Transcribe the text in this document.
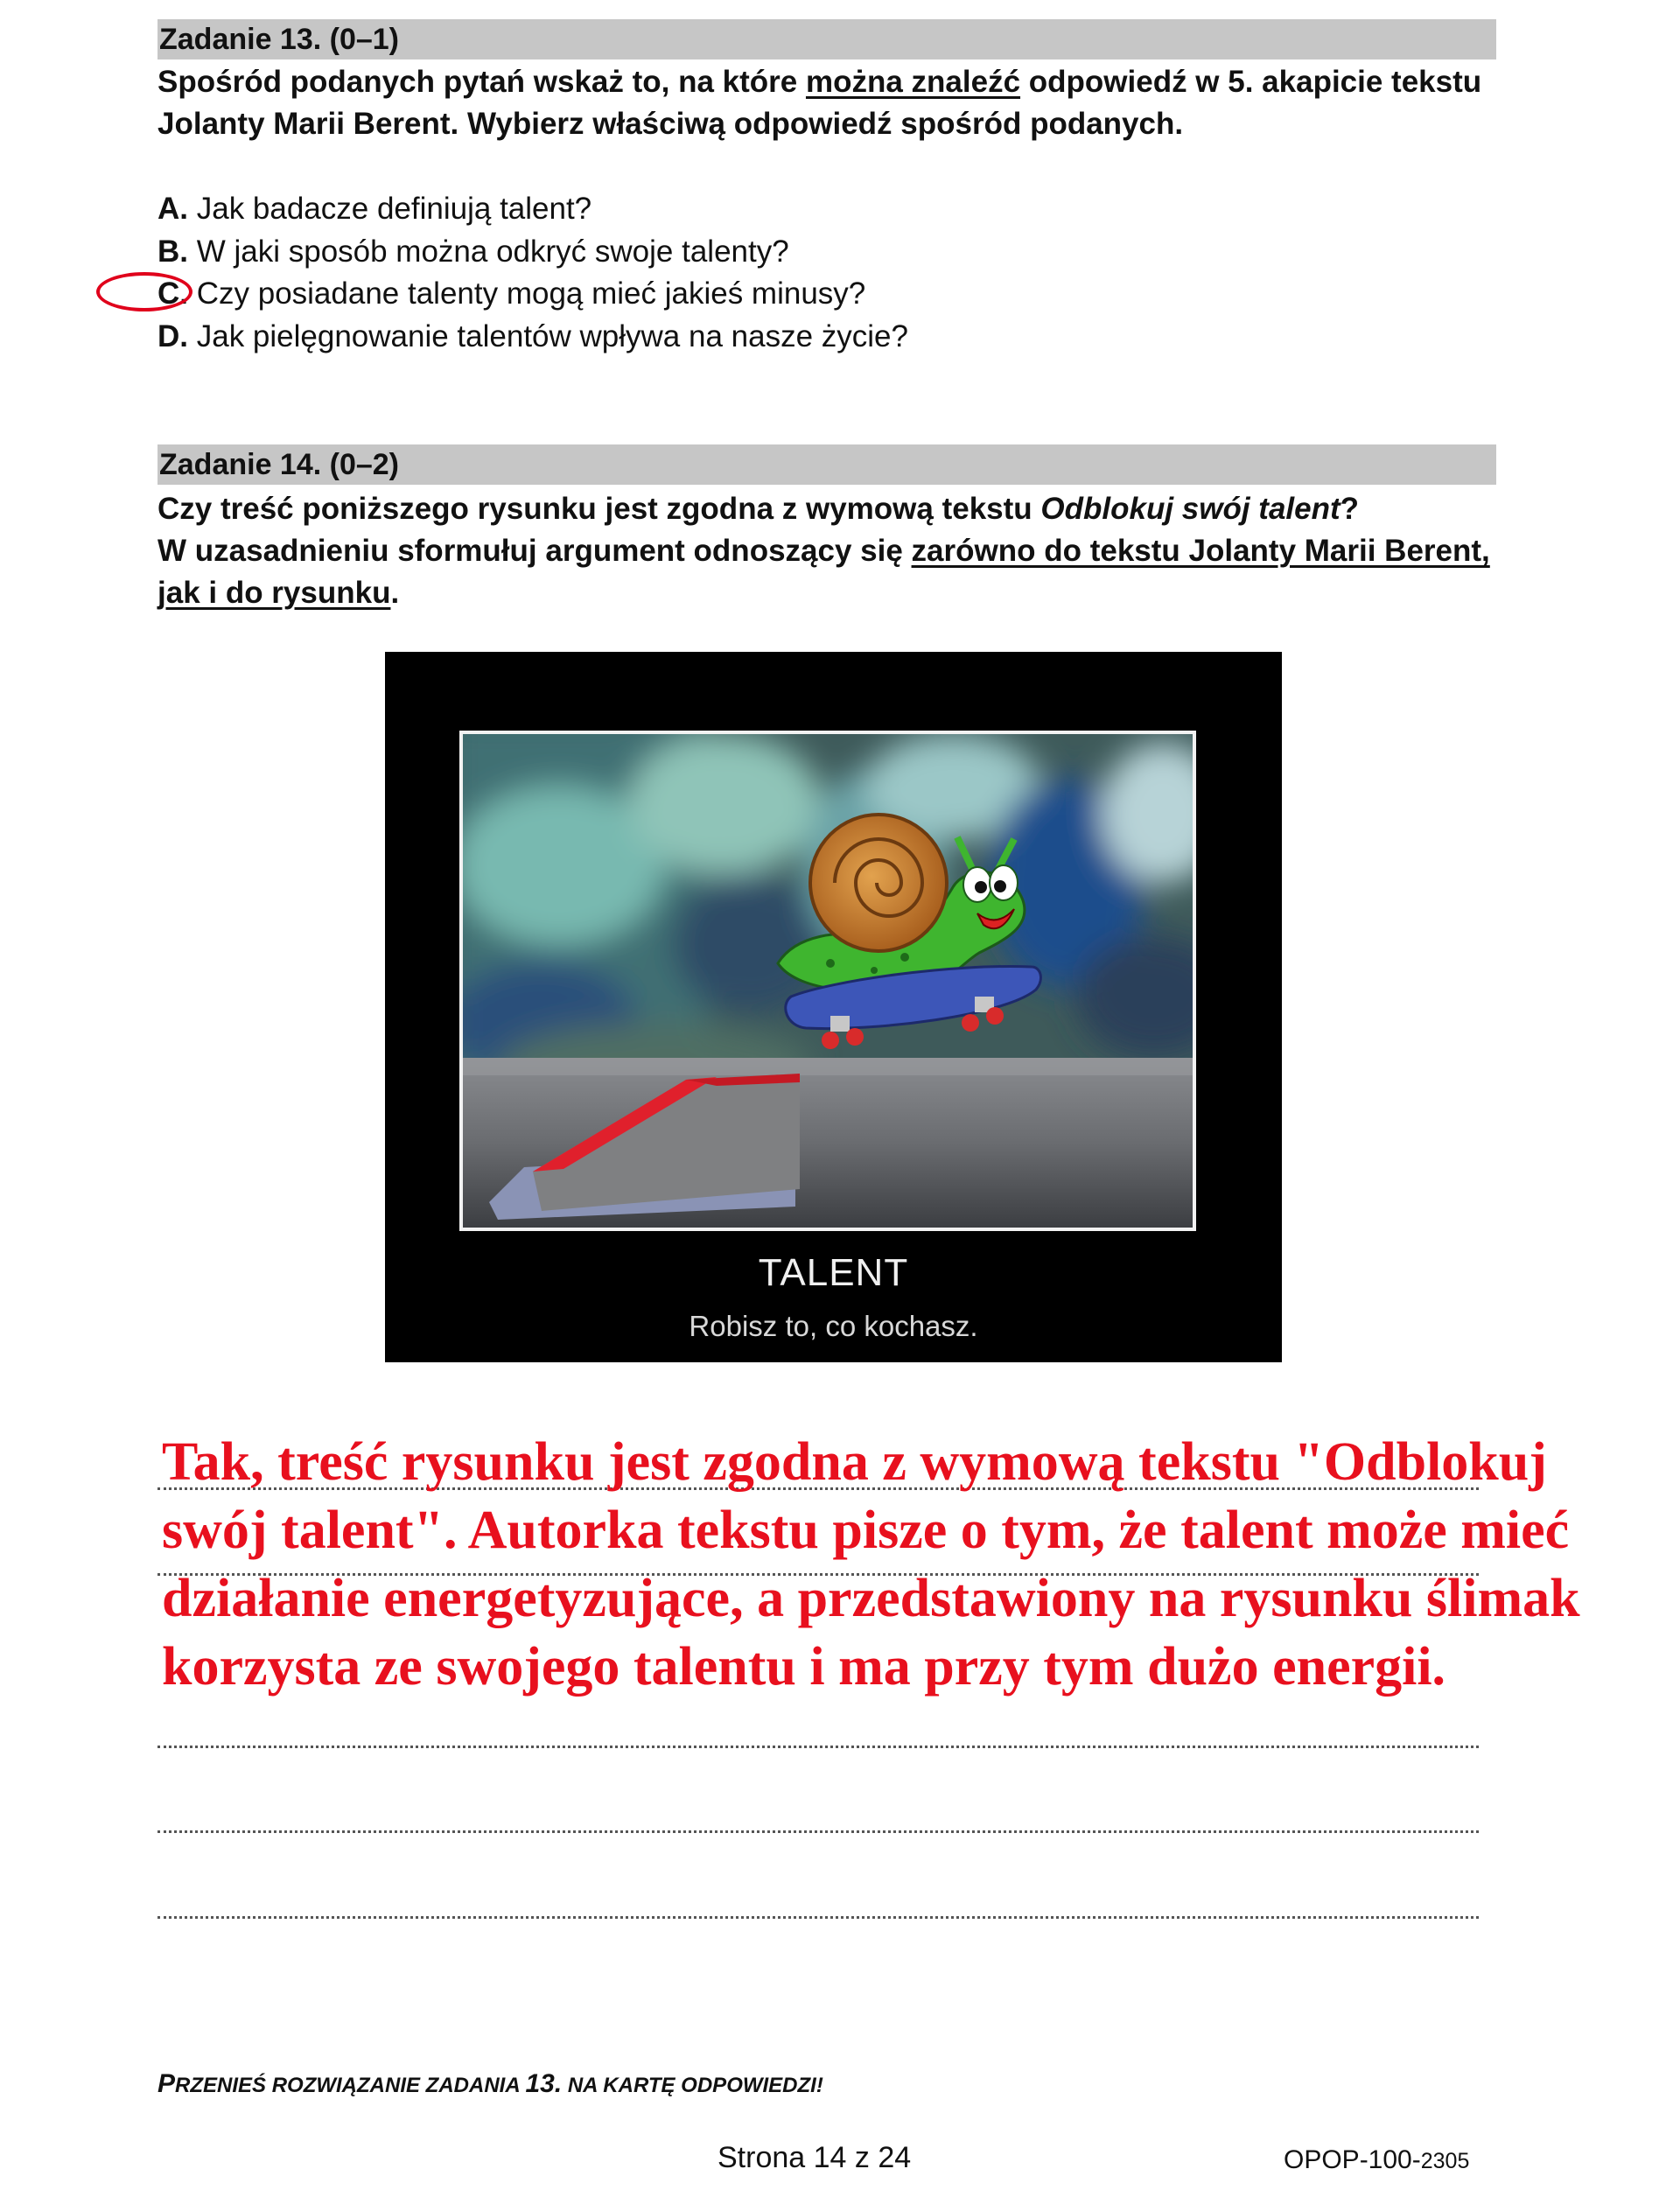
Zadanie 13. (0–1)
Spośród podanych pytań wskaż to, na które można znaleźć odpowiedź w 5. akapicie tekstu Jolanty Marii Berent. Wybierz właściwą odpowiedź spośród podanych.
A. Jak badacze definiują talent?
B. W jaki sposób można odkryć swoje talenty?
C. Czy posiadane talenty mogą mieć jakieś minusy?
D. Jak pielęgnowanie talentów wpływa na nasze życie?
Zadanie 14. (0–2)
Czy treść poniższego rysunku jest zgodna z wymową tekstu Odblokuj swój talent?
W uzasadnieniu sformułuj argument odnoszący się zarówno do tekstu Jolanty Marii Berent, jak i do rysunku.
TALENT
Robisz to, co kochasz.
Tak, treść rysunku jest zgodna z wymową tekstu "Odblokuj swój talent". Autorka tekstu pisze o tym, że talent może mieć działanie energetyzujące, a przedstawiony na rysunku ślimak korzysta ze swojego talentu i ma przy tym dużo energii.
PRZENIEŚ ROZWIĄZANIE ZADANIA 13. NA KARTĘ ODPOWIEDZI!
Strona 14 z 24	OPOP-100-2305
